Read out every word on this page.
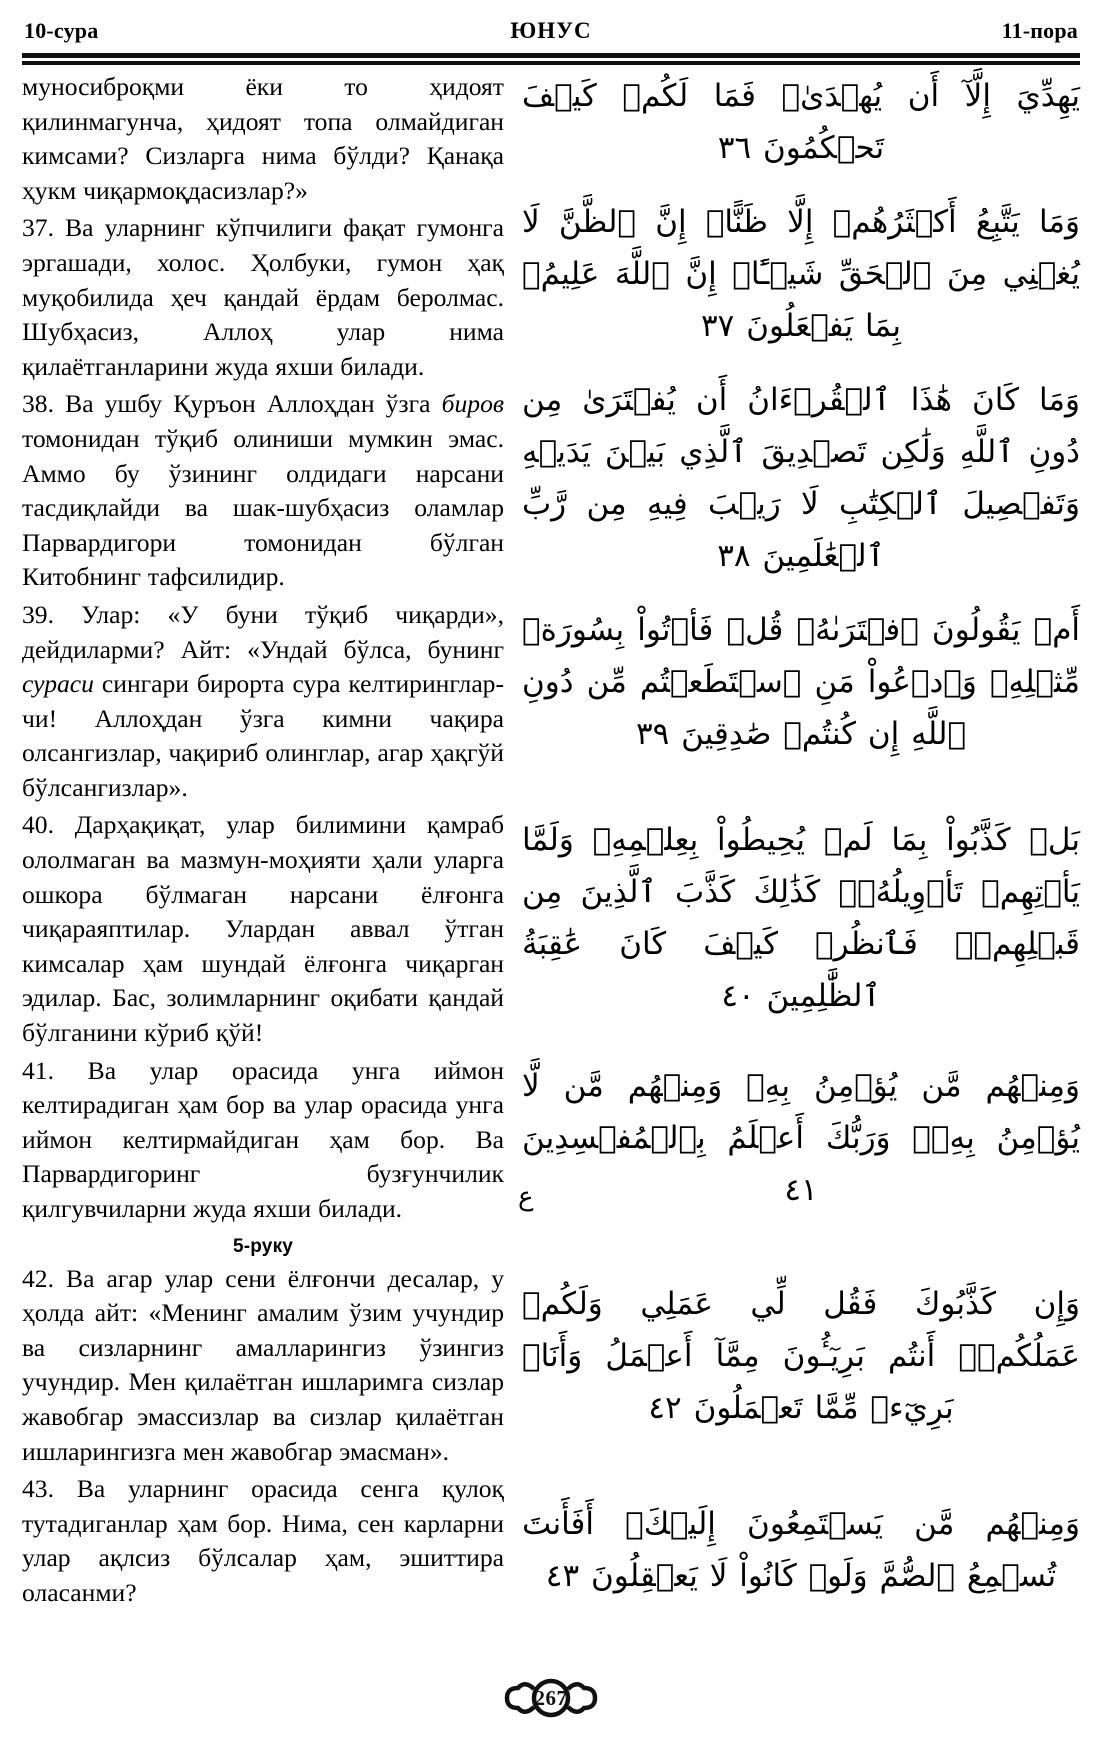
10-сура	ЮНУС	11-пора

муносиброқми ёки то ҳидоят қилинмагунча, ҳидоят топа олмайдиган кимсами? Сизларга нима бўлди? Қанақа ҳукм чиқармоқдасизлар?»

37. Ва уларнинг кўпчилиги фақат гумонга эргашади, холос. Ҳолбуки, гумон ҳақ муқобилида ҳеч қандай ёрдам беролмас. Шубҳасиз, Аллоҳ улар нима қилаётганларини жуда яхши билади.

38. Ва ушбу Қуръон Аллоҳдан ўзга биров томонидан тўқиб олиниши мумкин эмас. Аммо бу ўзининг олдидаги нарсани тасдиқлайди ва шак-шубҳасиз оламлар Парвардигори томонидан бўлган Китобнинг тафсилидир.

39. Улар: «У буни тўқиб чиқарди», дейдиларми? Айт: «Ундай бўлса, бунинг сураси сингари бирорта сура келтиринглар-чи! Аллоҳдан ўзга кимни чақира олсангизлар, чақириб олинглар, агар ҳақгўй бўлсангизлар».

40. Дарҳақиқат, улар билимини қамраб ололмаган ва мазмун-моҳияти ҳали уларга ошкора бўлмаган нарсани ёлғонга чиқараяптилар. Улардан аввал ўтган кимсалар ҳам шундай ёлғонга чиқарган эдилар. Бас, золимларнинг оқибати қандай бўлганини кўриб қўй!

41. Ва улар орасида унга иймон келтирадиган ҳам бор ва улар орасида унга иймон келтирмайдиган ҳам бор. Ва Парвардигоринг бузғунчилик қилгувчиларни жуда яхши билади.

5-руку

42. Ва агар улар сени ёлғончи десалар, у ҳолда айт: «Менинг амалим ўзим учундир ва сизларнинг амалларингиз ўзингиз учундир. Мен қилаётган ишларимга сизлар жавобгар эмассизлар ва сизлар қилаётган ишларингизга мен жавобгар эмасман».

43. Ва уларнинг орасида сенга қулоқ тутадиганлар ҳам бор. Нима, сен карларни улар ақлсиз бўлсалар ҳам, эшиттира оласанми?

يَهِدِّيَ إِلَّآ أَن يُهۡدَىٰۖ فَمَا لَكُمۡ كَيۡفَ تَحۡكُمُونَ ٣٦
وَمَا يَتَّبِعُ أَكۡثَرُهُمۡ إِلَّا ظَنًّاۚ إِنَّ ٱلظَّنَّ لَا يُغۡنِي مِنَ ٱلۡحَقِّ شَيۡـًٔاۚ إِنَّ ٱللَّهَ عَلِيمُۢ بِمَا يَفۡعَلُونَ ٣٧
وَمَا كَانَ هَٰذَا ٱلۡقُرۡءَانُ أَن يُفۡتَرَىٰ مِن دُونِ ٱللَّهِ وَلَٰكِن تَصۡدِيقَ ٱلَّذِي بَيۡنَ يَدَيۡهِ وَتَفۡصِيلَ ٱلۡكِتَٰبِ لَا رَيۡبَ فِيهِ مِن رَّبِّ ٱلۡعَٰلَمِينَ ٣٨
أَمۡ يَقُولُونَ ٱفۡتَرَىٰهُۖ قُلۡ فَأۡتُواْ بِسُورَةٖ مِّثۡلِهِۦ وَٱدۡعُواْ مَنِ ٱسۡتَطَعۡتُم مِّن دُونِ ٱللَّهِ إِن كُنتُمۡ صَٰدِقِينَ ٣٩
بَلۡ كَذَّبُواْ بِمَا لَمۡ يُحِيطُواْ بِعِلۡمِهِۦ وَلَمَّا يَأۡتِهِمۡ تَأۡوِيلُهُۥۚ كَذَٰلِكَ كَذَّبَ ٱلَّذِينَ مِن قَبۡلِهِمۡۖ فَٱنظُرۡ كَيۡفَ كَانَ عَٰقِبَةُ ٱلظَّٰلِمِينَ ٤٠
وَمِنۡهُم مَّن يُؤۡمِنُ بِهِۦ وَمِنۡهُم مَّن لَّا يُؤۡمِنُ بِهِۦۚ وَرَبُّكَ أَعۡلَمُ بِٱلۡمُفۡسِدِينَ ٤١
ع
وَإِن كَذَّبُوكَ فَقُل لِّي عَمَلِي وَلَكُمۡ عَمَلُكُمۡۖ أَنتُم بَرِيٓـُٔونَ مِمَّآ أَعۡمَلُ وَأَنَا۠ بَرِيٓءٞ مِّمَّا تَعۡمَلُونَ ٤٢
وَمِنۡهُم مَّن يَسۡتَمِعُونَ إِلَيۡكَۚ أَفَأَنتَ تُسۡمِعُ ٱلصُّمَّ وَلَوۡ كَانُواْ لَا يَعۡقِلُونَ ٤٣
267
